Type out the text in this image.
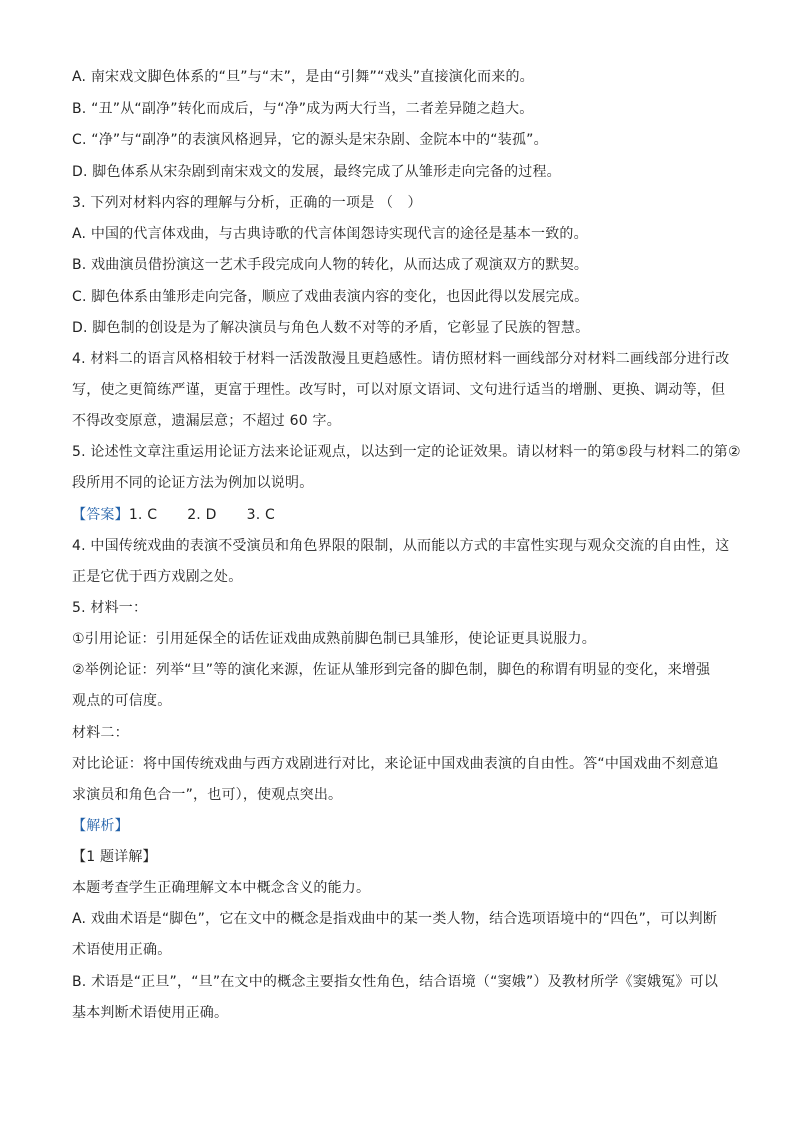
A. 南宋戏文脚色体系的“旦”与“末”，是由“引舞”“戏头”直接演化而来的。
B. “丑”从“副净”转化而成后，与“净”成为两大行当，二者差异随之趋大。
C. “净”与“副净”的表演风格迥异，它的源头是宋杂剧、金院本中的“装孤”。
D. 脚色体系从宋杂剧到南宋戏文的发展，最终完成了从雏形走向完备的过程。
3. 下列对材料内容的理解与分析，正确的一项是 （　）
A. 中国的代言体戏曲，与古典诗歌的代言体闺怨诗实现代言的途径是基本一致的。
B. 戏曲演员借扮演这一艺术手段完成向人物的转化，从而达成了观演双方的默契。
C. 脚色体系由雏形走向完备，顺应了戏曲表演内容的变化，也因此得以发展完成。
D. 脚色制的创设是为了解决演员与角色人数不对等的矛盾，它彰显了民族的智慧。
4. 材料二的语言风格相较于材料一活泼散漫且更趋感性。请仿照材料一画线部分对材料二画线部分进行改
写，使之更简练严谨，更富于理性。改写时，可以对原文语词、文句进行适当的增删、更换、调动等，但
不得改变原意，遗漏层意；不超过 60 字。
5. 论述性文章注重运用论证方法来论证观点，以达到一定的论证效果。请以材料一的第⑤段与材料二的第②
段所用不同的论证方法为例加以说明。
【答案】1. C 2. D 3. C
4. 中国传统戏曲的表演不受演员和角色界限的限制，从而能以方式的丰富性实现与观众交流的自由性，这
正是它优于西方戏剧之处。
5. 材料一：
①引用论证：引用延保全的话佐证戏曲成熟前脚色制已具雏形，使论证更具说服力。
②举例论证：列举“旦”等的演化来源，佐证从雏形到完备的脚色制，脚色的称谓有明显的变化，来增强
观点的可信度。
材料二：
对比论证：将中国传统戏曲与西方戏剧进行对比，来论证中国戏曲表演的自由性。答“中国戏曲不刻意追
求演员和角色合一”，也可），使观点突出。
【解析】
【1 题详解】
本题考查学生正确理解文本中概念含义的能力。
A. 戏曲术语是“脚色”，它在文中的概念是指戏曲中的某一类人物，结合选项语境中的“四色”，可以判断
术语使用正确。
B. 术语是“正旦”，“旦”在文中的概念主要指女性角色，结合语境（“窦娥”）及教材所学《窦娥冤》可以
基本判断术语使用正确。
